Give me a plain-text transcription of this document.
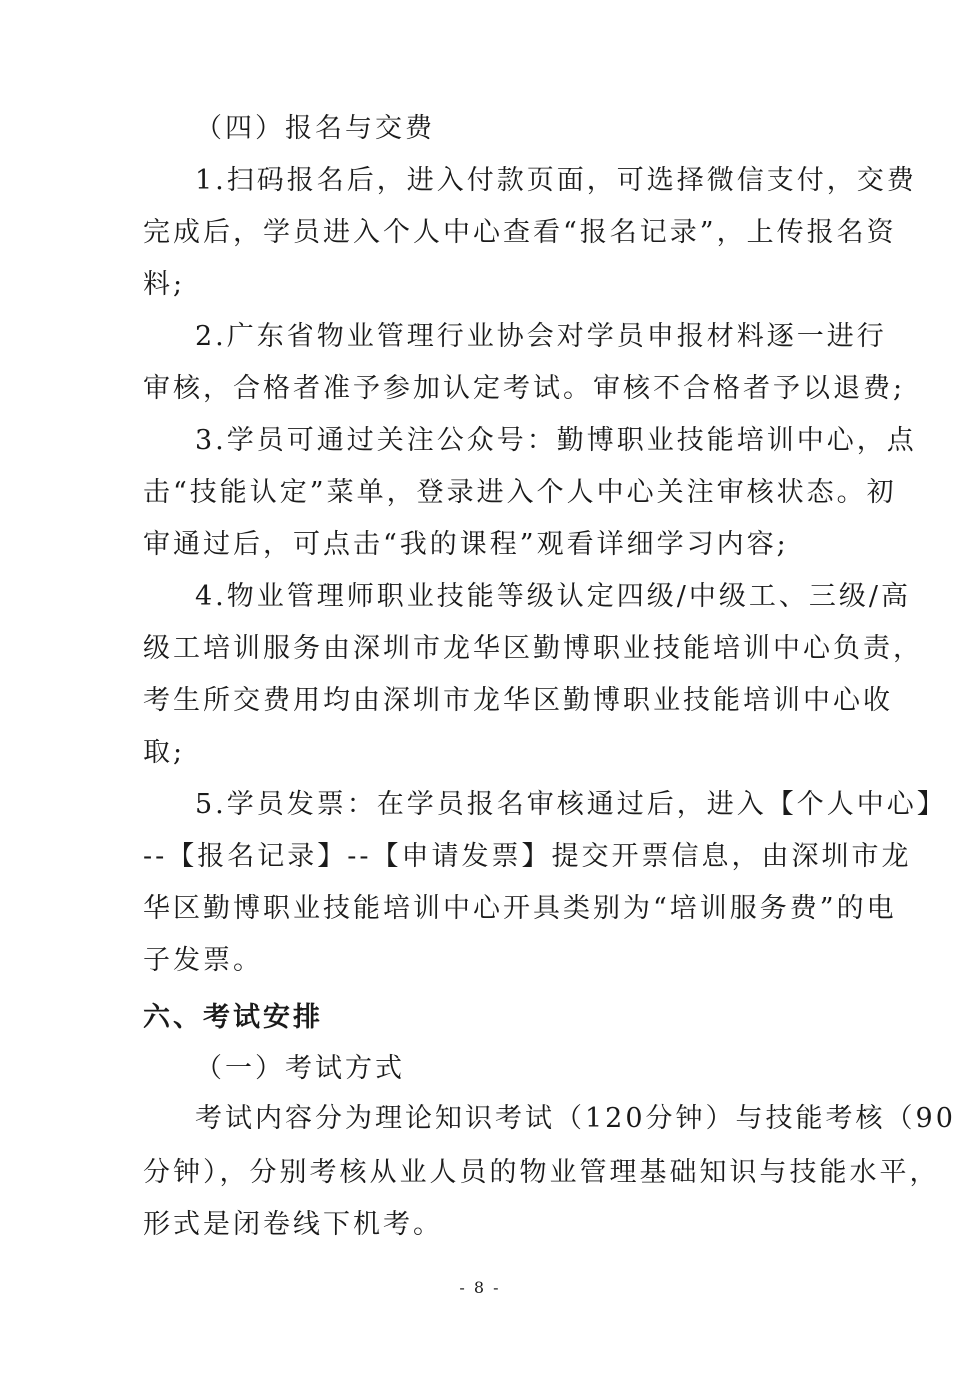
（四）报名与交费
1.扫码报名后，进入付款页面，可选择微信支付，交费
完成后，学员进入个人中心查看“报名记录”，上传报名资
料;
2.广东省物业管理行业协会对学员申报材料逐一进行
审核，合格者准予参加认定考试。审核不合格者予以退费;
3.学员可通过关注公众号：勤博职业技能培训中心，点
击“技能认定”菜单，登录进入个人中心关注审核状态。初
审通过后，可点击“我的课程”观看详细学习内容;
4.物业管理师职业技能等级认定四级/中级工、三级/高
级工培训服务由深圳市龙华区勤博职业技能培训中心负责，
考生所交费用均由深圳市龙华区勤博职业技能培训中心收
取;
5.学员发票：在学员报名审核通过后，进入【个人中心】
--【报名记录】--【申请发票】提交开票信息，由深圳市龙
华区勤博职业技能培训中心开具类别为“培训服务费”的电
子发票。
六、考试安排
（一）考试方式
考试内容分为理论知识考试（120分钟）与技能考核（90
分钟），分别考核从业人员的物业管理基础知识与技能水平，
形式是闭卷线下机考。
- 8 -
